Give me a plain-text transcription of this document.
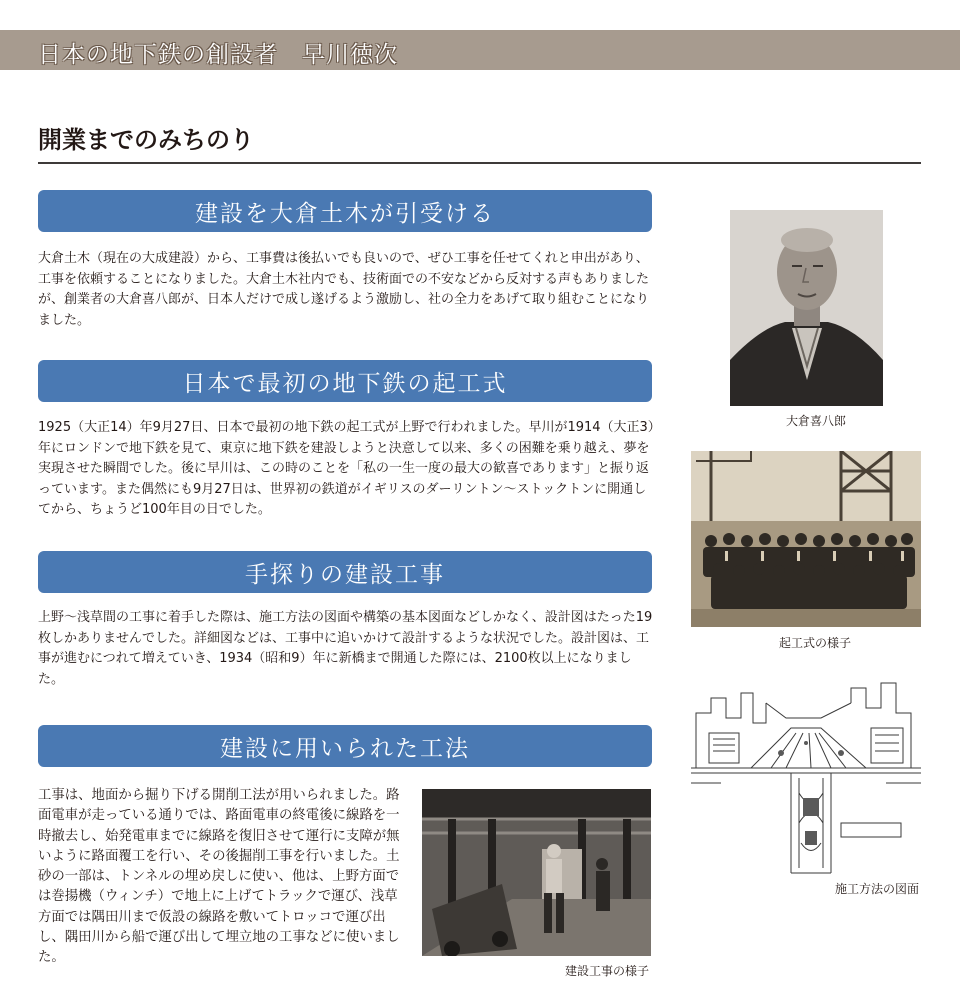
日本の地下鉄の創設者　早川徳次
開業までのみちのり
建設を大倉土木が引受ける

大倉土木（現在の大成建設）から、工事費は後払いでも良いので、ぜひ工事を任せてくれと申出があり、工事を依頼することになりました。大倉土木社内でも、技術面での不安などから反対する声もありましたが、創業者の大倉喜八郎が、日本人だけで成し遂げるよう激励し、社の全力をあげて取り組むことになりました。

日本で最初の地下鉄の起工式

1925（大正14）年9月27日、日本で最初の地下鉄の起工式が上野で行われました。早川が1914（大正3）年にロンドンで地下鉄を見て、東京に地下鉄を建設しようと決意して以来、多くの困難を乗り越え、夢を実現させた瞬間でした。後に早川は、この時のことを「私の一生一度の最大の歓喜であります」と振り返っています。また偶然にも9月27日は、世界初の鉄道がイギリスのダーリントン〜ストックトンに開通してから、ちょうど100年目の日でした。

手探りの建設工事

上野〜浅草間の工事に着手した際は、施工方法の図面や構築の基本図面などしかなく、設計図はたった19枚しかありませんでした。詳細図などは、工事中に追いかけて設計するような状況でした。設計図は、工事が進むにつれて増えていき、1934（昭和9）年に新橋まで開通した際には、2100枚以上になりました。

建設に用いられた工法

工事は、地面から掘り下げる開削工法が用いられました。路面電車が走っている通りでは、路面電車の終電後に線路を一時撤去し、始発電車までに線路を復旧させて運行に支障が無いように路面覆工を行い、その後掘削工事を行いました。土砂の一部は、トンネルの埋め戻しに使い、他は、上野方面では巻揚機（ウィンチ）で地上に上げてトラックで運び、浅草方面では隅田川まで仮設の線路を敷いてトロッコで運び出し、隅田川から船で運び出して埋立地の工事などに使いました。

大倉喜八郎
起工式の様子
施工方法の図面
建設工事の様子
